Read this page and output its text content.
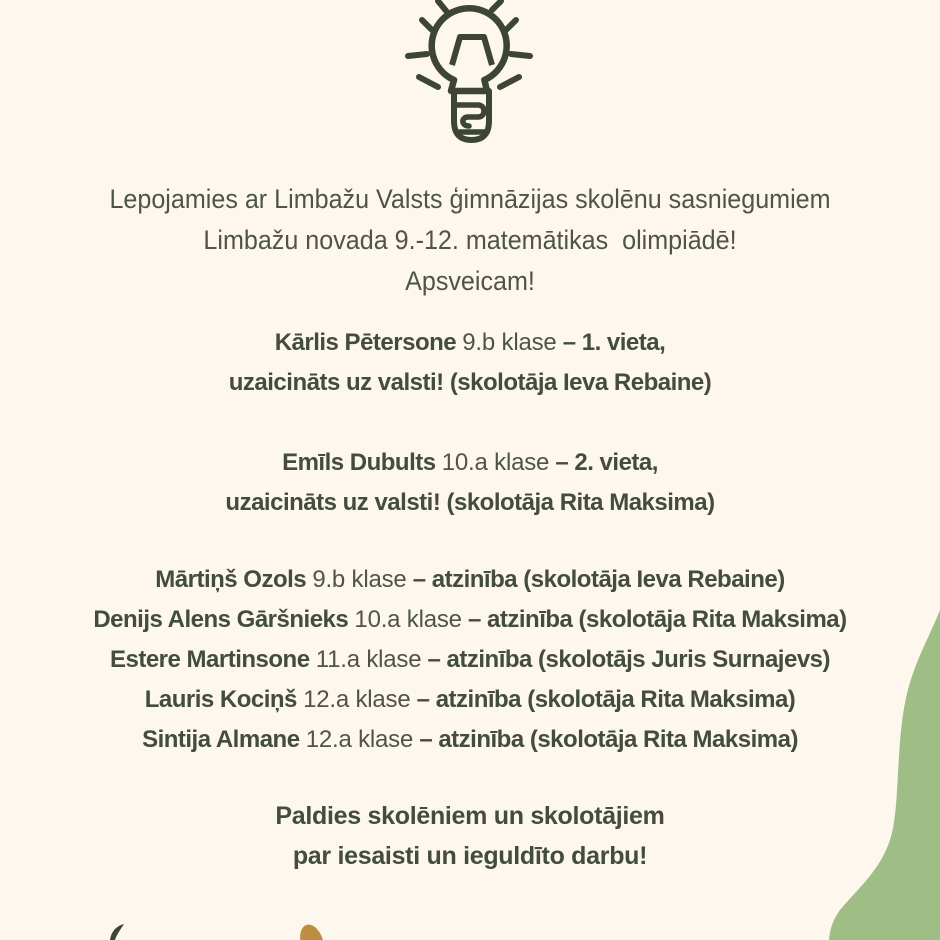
Lepojamies ar Limbažu Valsts ģimnāzijas skolēnu sasniegumiem
Limbažu novada 9.-12. matemātikas  olimpiādē!
Apsveicam!
Kārlis Pētersone 9.b klase – 1. vieta,
uzaicināts uz valsti! (skolotāja Ieva Rebaine)
Emīls Dubults 10.a klase – 2. vieta,
uzaicināts uz valsti! (skolotāja Rita Maksima)
Mārtiņš Ozols 9.b klase – atzinība (skolotāja Ieva Rebaine)
Denijs Alens Gāršnieks 10.a klase – atzinība (skolotāja Rita Maksima)
Estere Martinsone 11.a klase – atzinība (skolotājs Juris Surnajevs)
Lauris Kociņš 12.a klase – atzinība (skolotāja Rita Maksima)
Sintija Almane 12.a klase – atzinība (skolotāja Rita Maksima)
Paldies skolēniem un skolotājiem
par iesaisti un ieguldīto darbu!
